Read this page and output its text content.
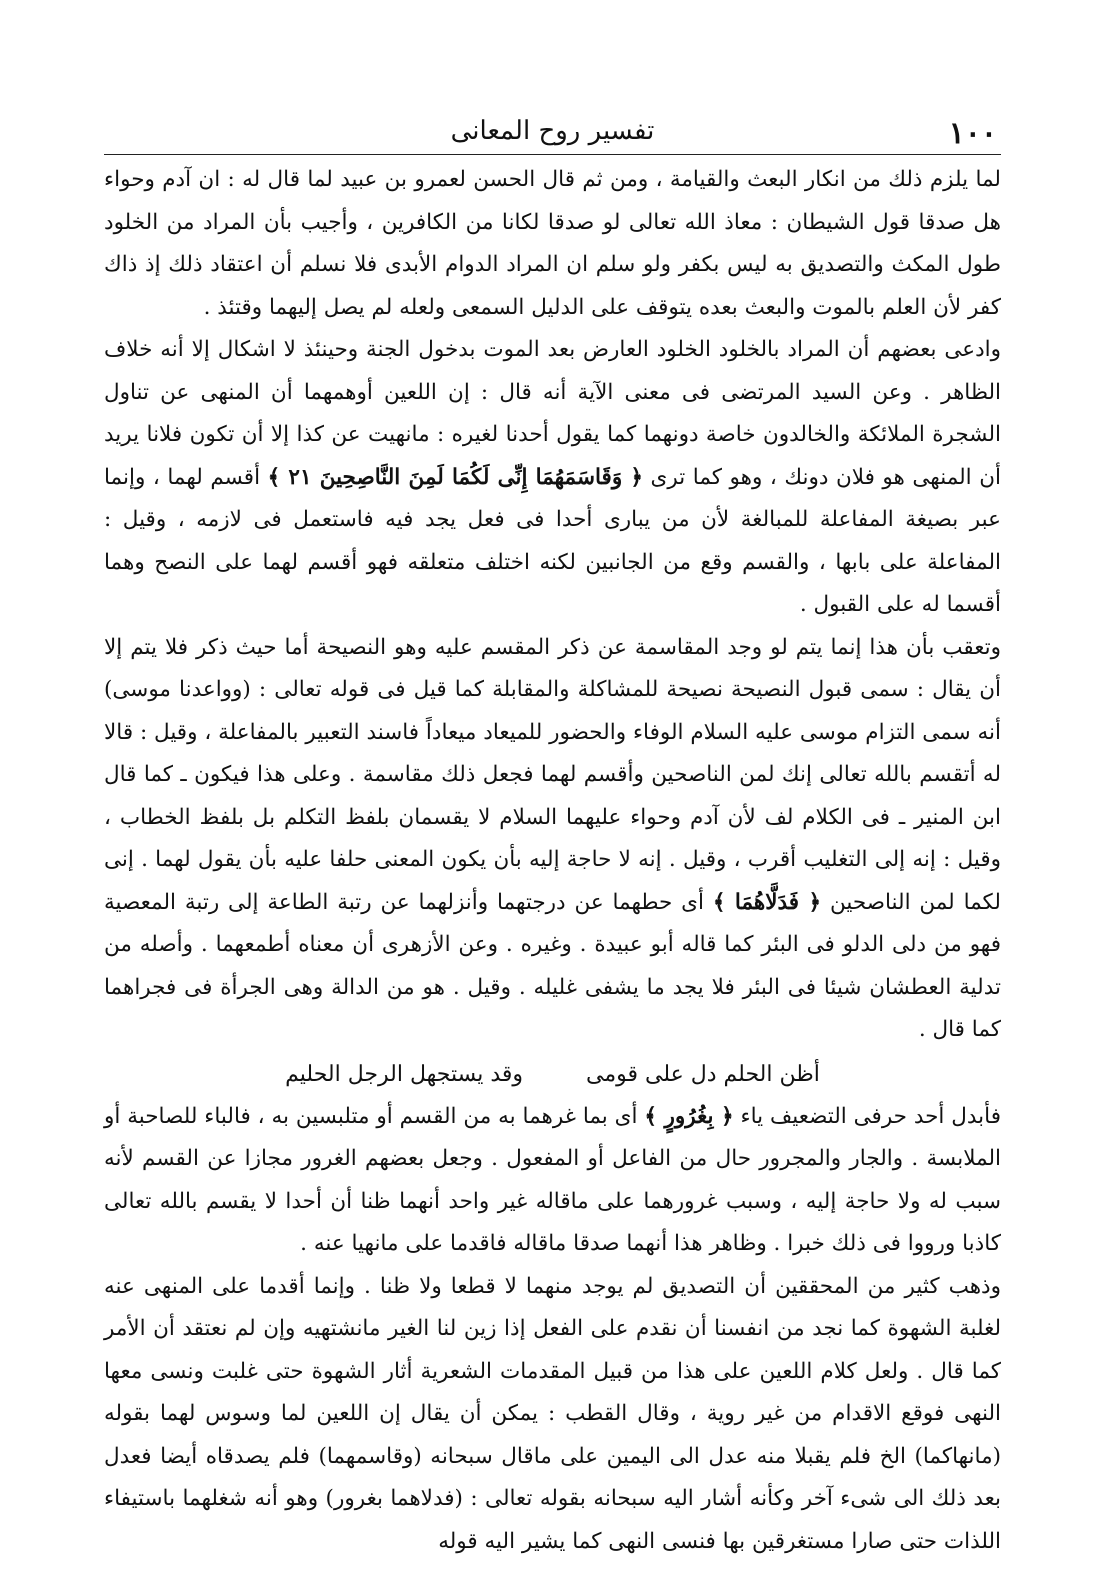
١٠٠
تفسير روح المعانى

لما يلزم ذلك من انكار البعث والقيامة ، ومن ثم قال الحسن لعمرو بن عبيد لما قال له : ان آدم وحواء هل صدقا قول الشيطان : معاذ الله تعالى لو صدقا لكانا من الكافرين ، وأجيب بأن المراد من الخلود طول المكث والتصديق به ليس بكفر ولو سلم ان المراد الدوام الأبدى فلا نسلم أن اعتقاد ذلك إذ ذاك كفر لأن العلم بالموت والبعث بعده يتوقف على الدليل السمعى ولعله لم يصل إليهما وقتئذ .

وادعى بعضهم أن المراد بالخلود الخلود العارض بعد الموت بدخول الجنة وحينئذ لا اشكال إلا أنه خلاف الظاهر . وعن السيد المرتضى فى معنى الآية أنه قال : إن اللعين أوهمهما أن المنهى عن تناول الشجرة الملائكة والخالدون خاصة دونهما كما يقول أحدنا لغيره : مانهيت عن كذا إلا أن تكون فلانا يريد أن المنهى هو فلان دونك ، وهو كما ترى ﴿ وَقَاسَمَهُمَا إِنِّى لَكُمَا لَمِنَ النَّاصِحِينَ ٢١ ﴾ أقسم لهما ، وإنما عبر بصيغة المفاعلة للمبالغة لأن من يبارى أحدا فى فعل يجد فيه فاستعمل فى لازمه ، وقيل : المفاعلة على بابها ، والقسم وقع من الجانبين لكنه اختلف متعلقه فهو أقسم لهما على النصح وهما أقسما له على القبول .

وتعقب بأن هذا إنما يتم لو وجد المقاسمة عن ذكر المقسم عليه وهو النصيحة أما حيث ذكر فلا يتم إلا أن يقال : سمى قبول النصيحة نصيحة للمشاكلة والمقابلة كما قيل فى قوله تعالى : (وواعدنا موسى) أنه سمى التزام موسى عليه السلام الوفاء والحضور للميعاد ميعاداً فاسند التعبير بالمفاعلة ، وقيل : قالا له أتقسم بالله تعالى إنك لمن الناصحين وأقسم لهما فجعل ذلك مقاسمة . وعلى هذا فيكون ـ كما قال ابن المنير ـ فى الكلام لف لأن آدم وحواء عليهما السلام لا يقسمان بلفظ التكلم بل بلفظ الخطاب ، وقيل : إنه إلى التغليب أقرب ، وقيل . إنه لا حاجة إليه بأن يكون المعنى حلفا عليه بأن يقول لهما . إنى لكما لمن الناصحين ﴿ فَدَلَّاهُمَا ﴾ أى حطهما عن درجتهما وأنزلهما عن رتبة الطاعة إلى رتبة المعصية فهو من دلى الدلو فى البئر كما قاله أبو عبيدة . وغيره . وعن الأزهرى أن معناه أطمعهما . وأصله من تدلية العطشان شيئا فى البئر فلا يجد ما يشفى غليله . وقيل . هو من الدالة وهى الجرأة فى فجراهما كما قال .

أظن الحلم دل على قومى وقد يستجهل الرجل الحليم

فأبدل أحد حرفى التضعيف ياء ﴿ بِغُرُورٍ ﴾ أى بما غرهما به من القسم أو متلبسين به ، فالباء للصاحبة أو الملابسة . والجار والمجرور حال من الفاعل أو المفعول . وجعل بعضهم الغرور مجازا عن القسم لأنه سبب له ولا حاجة إليه ، وسبب غرورهما على ماقاله غير واحد أنهما ظنا أن أحدا لا يقسم بالله تعالى كاذبا ورووا فى ذلك خبرا . وظاهر هذا أنهما صدقا ماقاله فاقدما على مانهيا عنه .

وذهب كثير من المحققين أن التصديق لم يوجد منهما لا قطعا ولا ظنا . وإنما أقدما على المنهى عنه لغلبة الشهوة كما نجد من انفسنا أن نقدم على الفعل إذا زين لنا الغير مانشتهيه وإن لم نعتقد أن الأمر كما قال . ولعل كلام اللعين على هذا من قبيل المقدمات الشعرية أثار الشهوة حتى غلبت ونسى معها النهى فوقع الاقدام من غير روية ، وقال القطب : يمكن أن يقال إن اللعين لما وسوس لهما بقوله (مانهاكما) الخ فلم يقبلا منه عدل الى اليمين على ماقال سبحانه (وقاسمهما) فلم يصدقاه أيضا فعدل بعد ذلك الى شىء آخر وكأنه أشار اليه سبحانه بقوله تعالى : (فدلاهما بغرور) وهو أنه شغلهما باستيفاء اللذات حتى صارا مستغرقين بها فنسى النهى كما يشير اليه قوله
